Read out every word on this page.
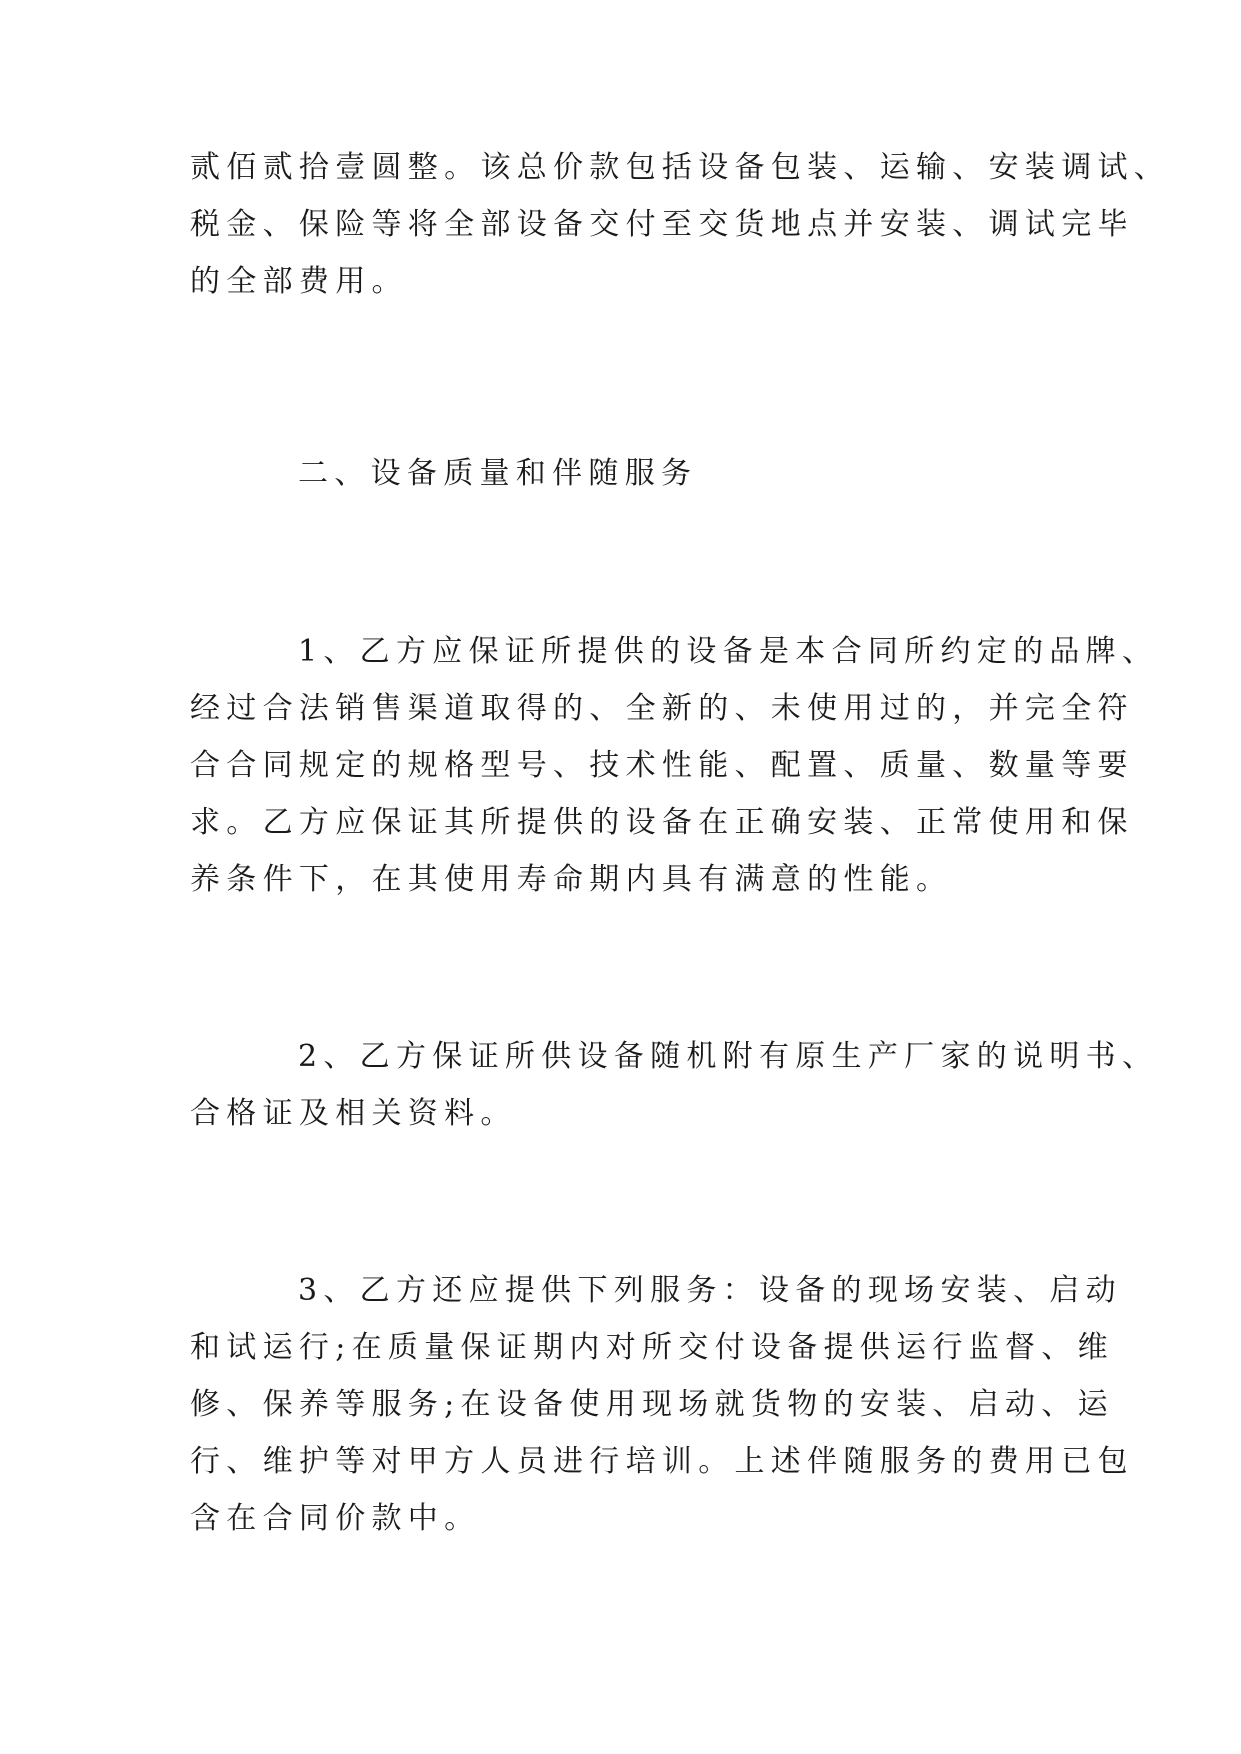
贰佰贰拾壹圆整。该总价款包括设备包装、运输、安装调试、
税金、保险等将全部设备交付至交货地点并安装、调试完毕
的全部费用。
二、设备质量和伴随服务
1、乙方应保证所提供的设备是本合同所约定的品牌、
经过合法销售渠道取得的、全新的、未使用过的，并完全符
合合同规定的规格型号、技术性能、配置、质量、数量等要
求。乙方应保证其所提供的设备在正确安装、正常使用和保
养条件下，在其使用寿命期内具有满意的性能。
2、乙方保证所供设备随机附有原生产厂家的说明书、
合格证及相关资料。
3、乙方还应提供下列服务：设备的现场安装、启动
和试运行;在质量保证期内对所交付设备提供运行监督、维
修、保养等服务;在设备使用现场就货物的安装、启动、运
行、维护等对甲方人员进行培训。上述伴随服务的费用已包
含在合同价款中。
